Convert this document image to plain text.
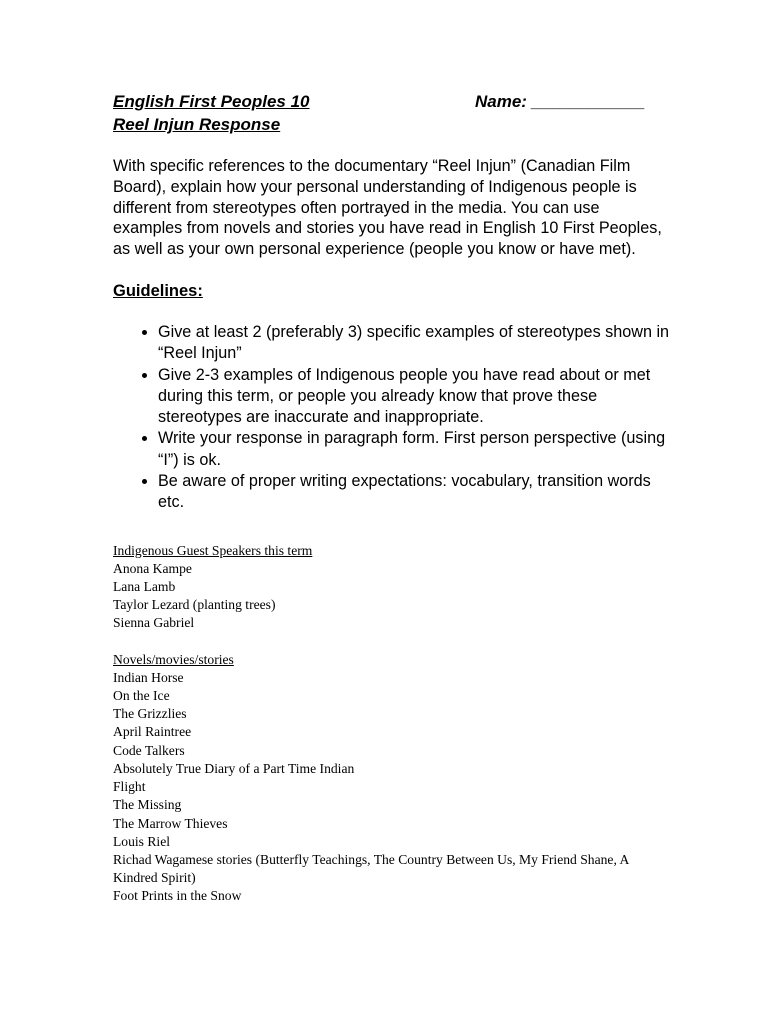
English First Peoples 10	Name: ____________
Reel Injun Response
With specific references to the documentary “Reel Injun” (Canadian Film Board), explain how your personal understanding of Indigenous people is different from stereotypes often portrayed in the media. You can use examples from novels and stories you have read in English 10 First Peoples, as well as your own personal experience (people you know or have met).
Guidelines:
• Give at least 2 (preferably 3) specific examples of stereotypes shown in “Reel Injun”
• Give 2-3 examples of Indigenous people you have read about or met during this term, or people you already know that prove these stereotypes are inaccurate and inappropriate.
• Write your response in paragraph form. First person perspective (using “I”) is ok.
• Be aware of proper writing expectations: vocabulary, transition words etc.
Indigenous Guest Speakers this term
Anona Kampe
Lana Lamb
Taylor Lezard (planting trees)
Sienna Gabriel
Novels/movies/stories
Indian Horse
On the Ice
The Grizzlies
April Raintree
Code Talkers
Absolutely True Diary of a Part Time Indian
Flight
The Missing
The Marrow Thieves
Louis Riel
Richad Wagamese stories (Butterfly Teachings, The Country Between Us, My Friend Shane, A Kindred Spirit)
Foot Prints in the Snow
